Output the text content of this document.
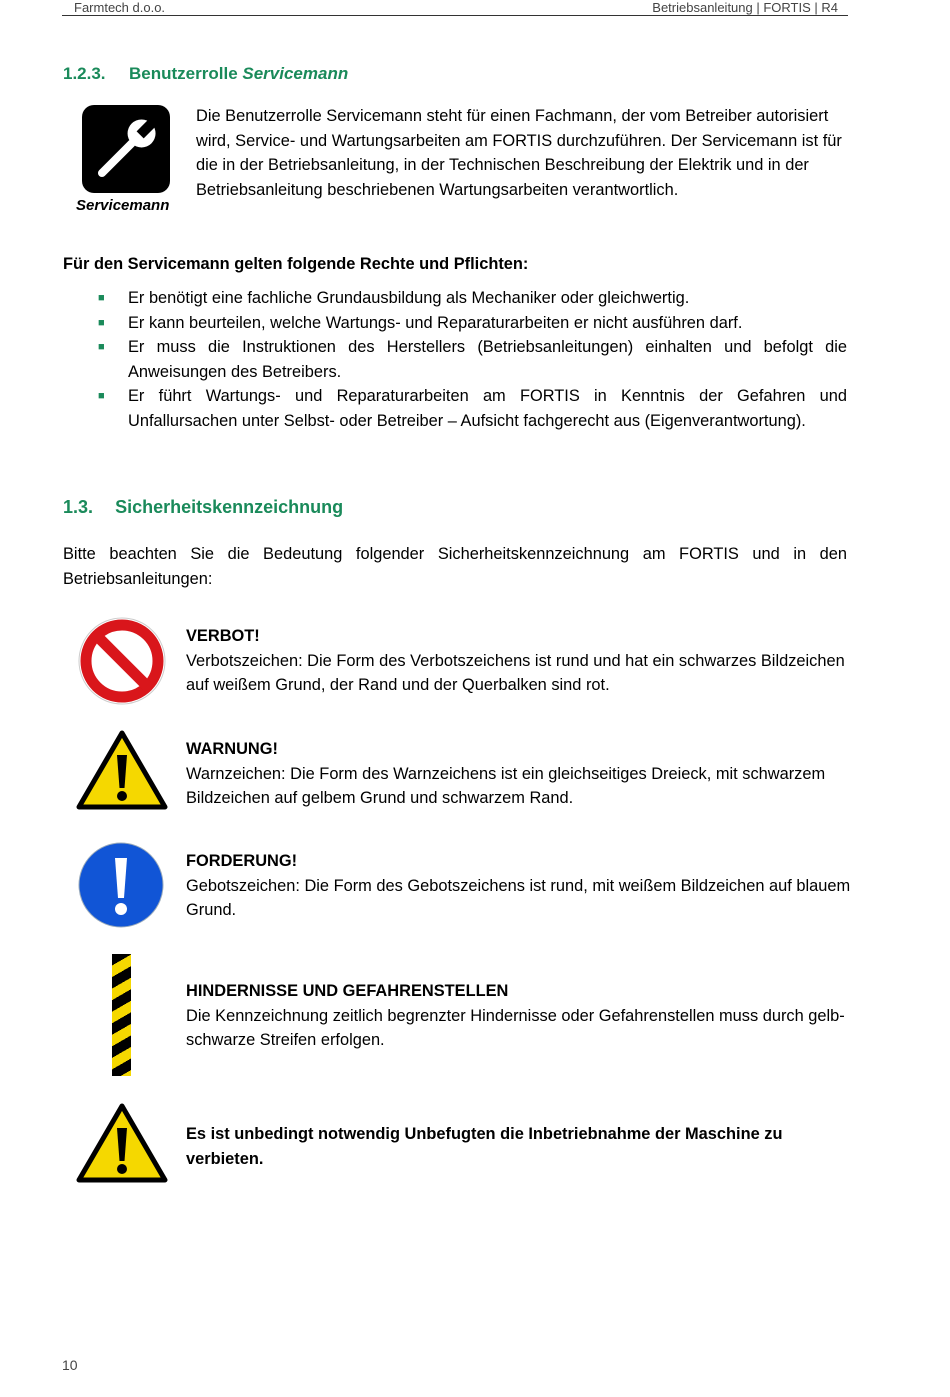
Farmtech d.o.o.	Betriebsanleitung | FORTIS | R4
1.2.3. Benutzerrolle Servicemann
Servicemann
Die Benutzerrolle Servicemann steht für einen Fachmann, der vom Betreiber autorisiert wird, Service- und Wartungsarbeiten am FORTIS durchzuführen. Der Servicemann ist für die in der Betriebsanleitung, in der Technischen Beschreibung der Elektrik und in der Betriebsanleitung beschriebenen Wartungsarbeiten verantwortlich.
Für den Servicemann gelten folgende Rechte und Pflichten:
■ Er benötigt eine fachliche Grundausbildung als Mechaniker oder gleichwertig.
■ Er kann beurteilen, welche Wartungs- und Reparaturarbeiten er nicht ausführen darf.
■ Er muss die Instruktionen des Herstellers (Betriebsanleitungen) einhalten und befolgt die Anweisungen des Betreibers.
■ Er führt Wartungs- und Reparaturarbeiten am FORTIS in Kenntnis der Gefahren und Unfallursachen unter Selbst- oder Betreiber – Aufsicht fachgerecht aus (Eigenverantwortung).
1.3. Sicherheitskennzeichnung
Bitte beachten Sie die Bedeutung folgender Sicherheitskennzeichnung am FORTIS und in den Betriebsanleitungen:
VERBOT!
Verbotszeichen: Die Form des Verbotszeichens ist rund und hat ein schwarzes Bildzeichen auf weißem Grund, der Rand und der Querbalken sind rot.
WARNUNG!
Warnzeichen: Die Form des Warnzeichens ist ein gleichseitiges Dreieck, mit schwarzem Bildzeichen auf gelbem Grund und schwarzem Rand.
FORDERUNG!
Gebotszeichen: Die Form des Gebotszeichens ist rund, mit weißem Bildzeichen auf blauem Grund.
HINDERNISSE UND GEFAHRENSTELLEN
Die Kennzeichnung zeitlich begrenzter Hindernisse oder Gefahrenstellen muss durch gelb-schwarze Streifen erfolgen.
Es ist unbedingt notwendig Unbefugten die Inbetriebnahme der Maschine zu verbieten.
10
